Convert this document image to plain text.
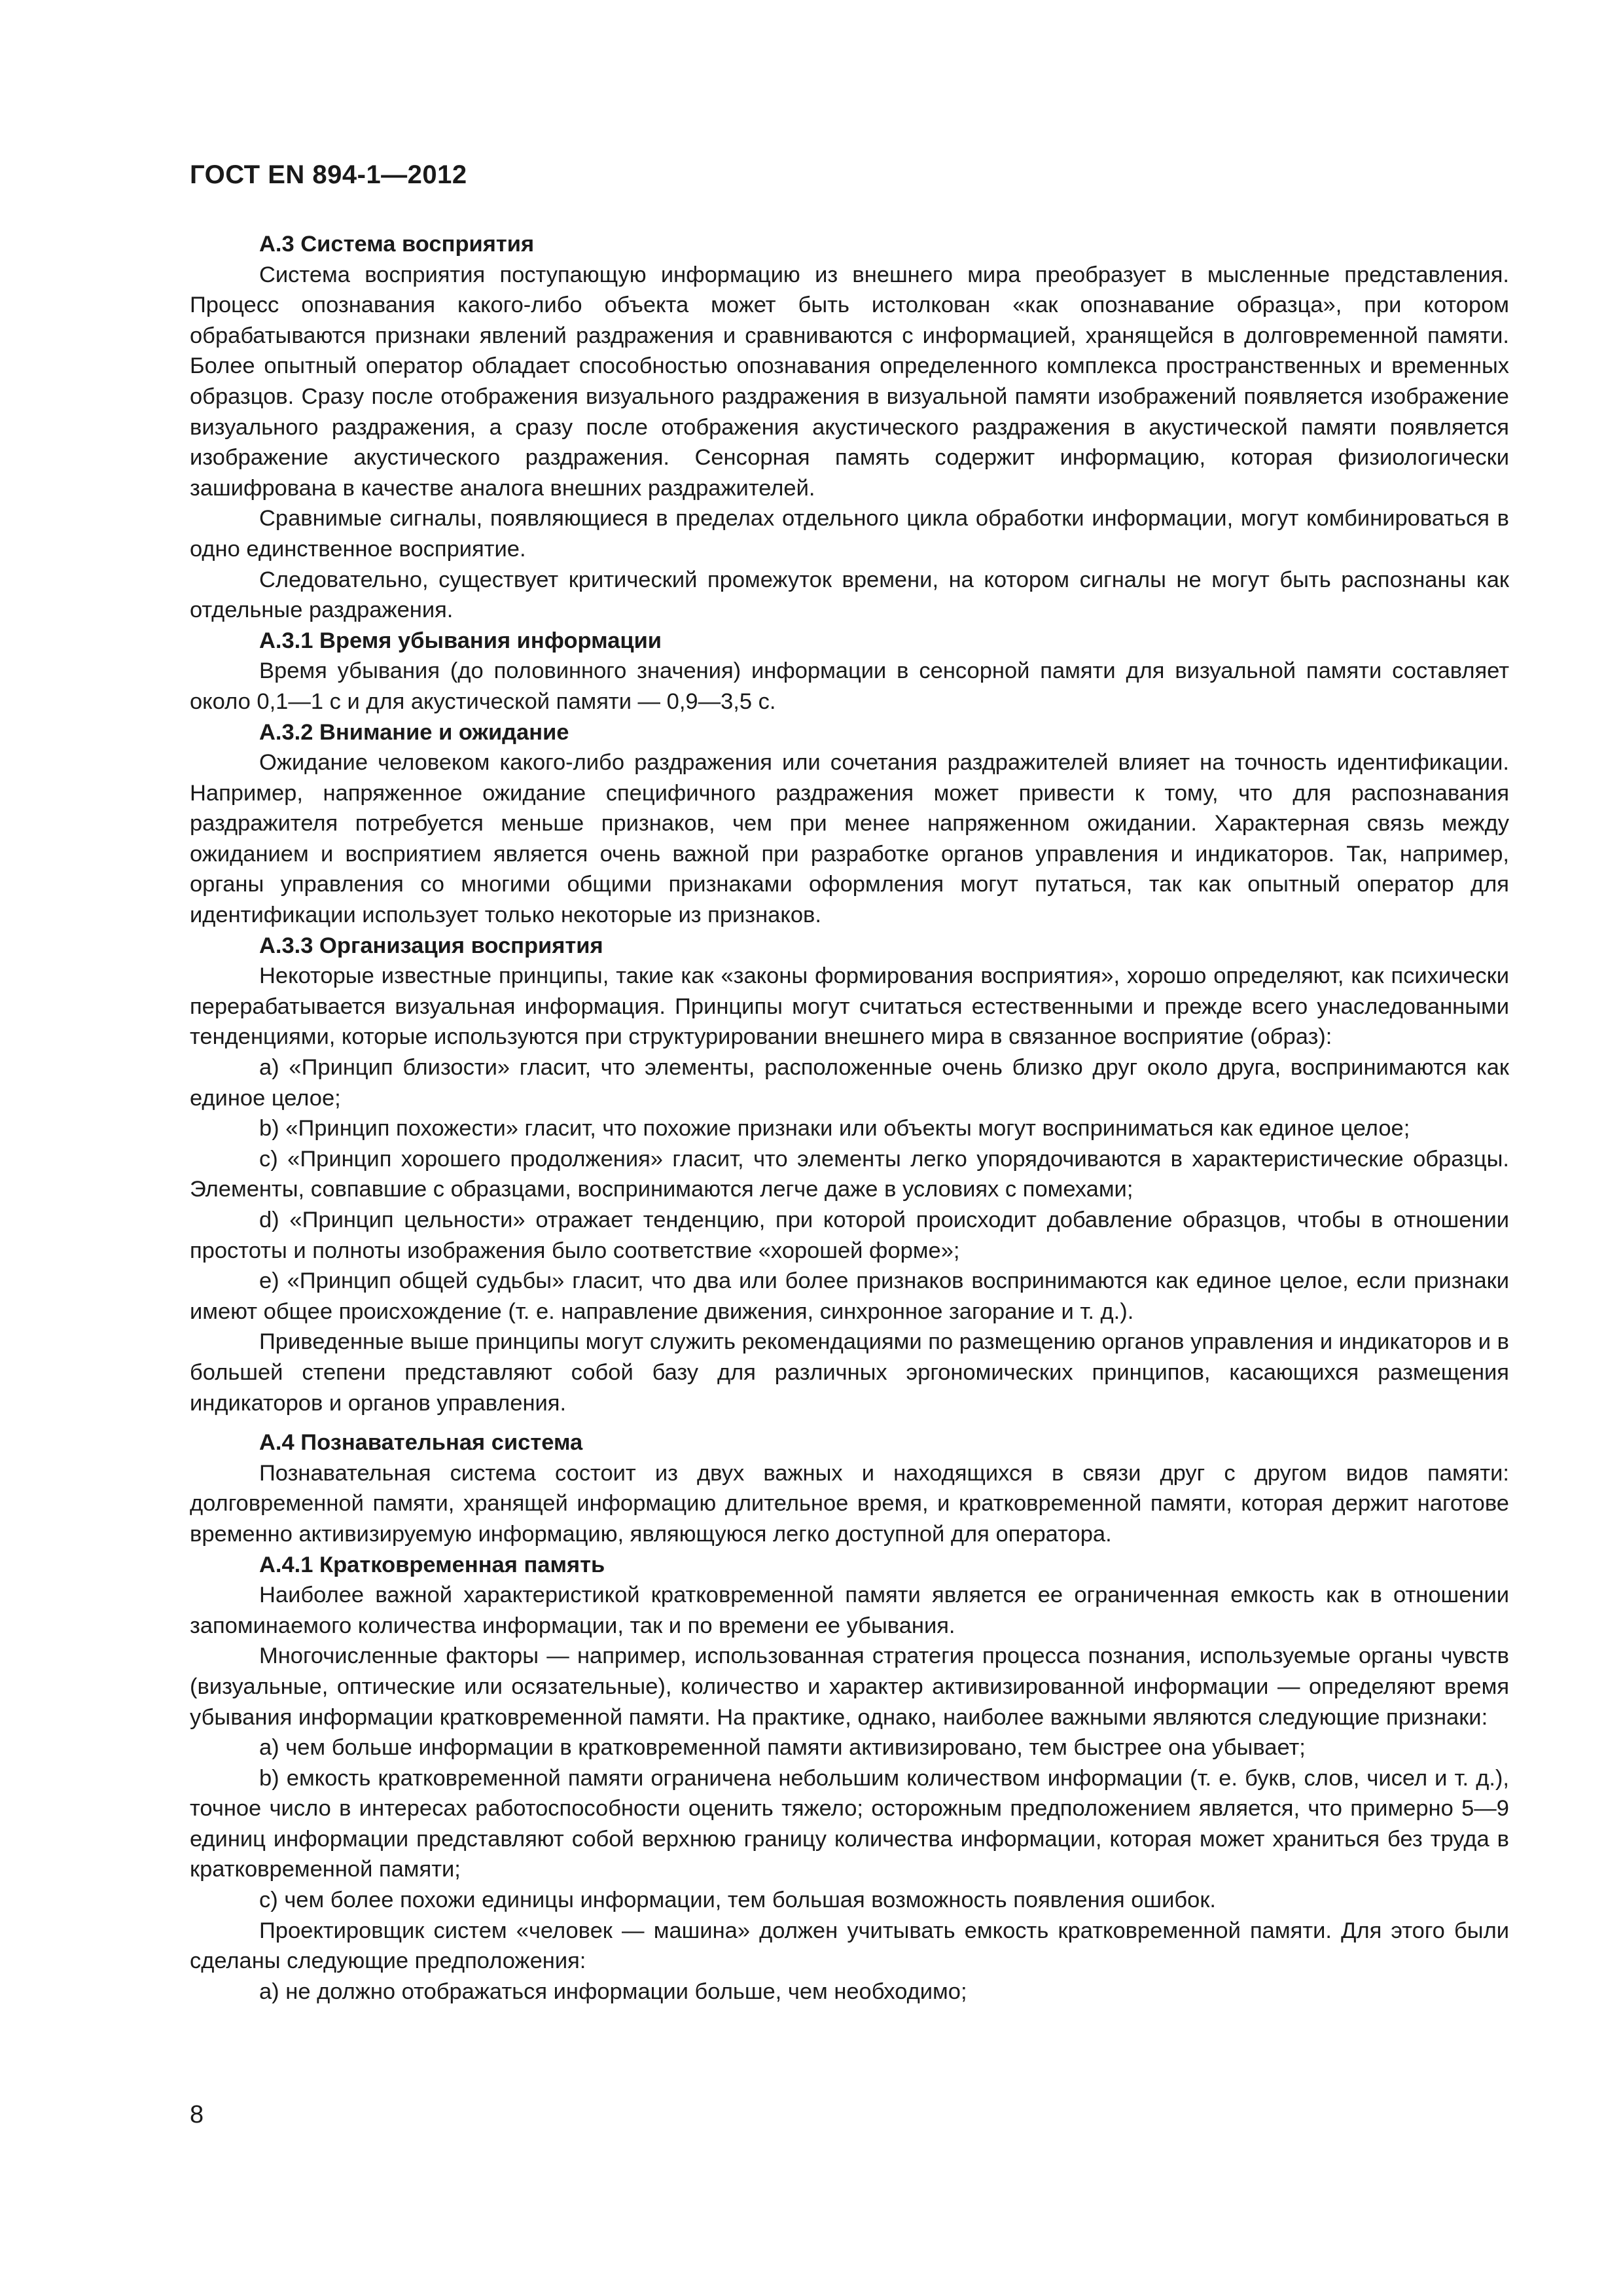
ГОСТ EN 894-1—2012

А.3 Система восприятия

Система восприятия поступающую информацию из внешнего мира преобразует в мысленные представления. Процесс опознавания какого-либо объекта может быть истолкован «как опознавание образца», при котором обрабатываются признаки явлений раздражения и сравниваются с информацией, хранящейся в долговременной памяти. Более опытный оператор обладает способностью опознавания определенного комплекса пространственных и временных образцов. Сразу после отображения визуального раздражения в визуальной памяти изображений появляется изображение визуального раздражения, а сразу после отображения акустического раздражения в акустической памяти появляется изображение акустического раздражения. Сенсорная память содержит информацию, которая физиологически зашифрована в качестве аналога внешних раздражителей.

Сравнимые сигналы, появляющиеся в пределах отдельного цикла обработки информации, могут комбинироваться в одно единственное восприятие.

Следовательно, существует критический промежуток времени, на котором сигналы не могут быть распознаны как отдельные раздражения.

А.3.1 Время убывания информации

Время убывания (до половинного значения) информации в сенсорной памяти для визуальной памяти составляет около 0,1—1 с и для акустической памяти — 0,9—3,5 с.

А.3.2 Внимание и ожидание

Ожидание человеком какого-либо раздражения или сочетания раздражителей влияет на точность идентификации. Например, напряженное ожидание специфичного раздражения может привести к тому, что для распознавания раздражителя потребуется меньше признаков, чем при менее напряженном ожидании. Характерная связь между ожиданием и восприятием является очень важной при разработке органов управления и индикаторов. Так, например, органы управления со многими общими признаками оформления могут путаться, так как опытный оператор для идентификации использует только некоторые из признаков.

А.3.3 Организация восприятия

Некоторые известные принципы, такие как «законы формирования восприятия», хорошо определяют, как психически перерабатывается визуальная информация. Принципы могут считаться естественными и прежде всего унаследованными тенденциями, которые используются при структурировании внешнего мира в связанное восприятие (образ):

a) «Принцип близости» гласит, что элементы, расположенные очень близко друг около друга, воспринимаются как единое целое;

b) «Принцип похожести» гласит, что похожие признаки или объекты могут восприниматься как единое целое;

c) «Принцип хорошего продолжения» гласит, что элементы легко упорядочиваются в характеристические образцы. Элементы, совпавшие с образцами, воспринимаются легче даже в условиях с помехами;

d) «Принцип цельности» отражает тенденцию, при которой происходит добавление образцов, чтобы в отношении простоты и полноты изображения было соответствие «хорошей форме»;

e) «Принцип общей судьбы» гласит, что два или более признаков воспринимаются как единое целое, если признаки имеют общее происхождение (т. е. направление движения, синхронное загорание и т. д.).

Приведенные выше принципы могут служить рекомендациями по размещению органов управления и индикаторов и в большей степени представляют собой базу для различных эргономических принципов, касающихся размещения индикаторов и органов управления.

А.4 Познавательная система

Познавательная система состоит из двух важных и находящихся в связи друг с другом видов памяти: долговременной памяти, хранящей информацию длительное время, и кратковременной памяти, которая держит наготове временно активизируемую информацию, являющуюся легко доступной для оператора.

А.4.1 Кратковременная память

Наиболее важной характеристикой кратковременной памяти является ее ограниченная емкость как в отношении запоминаемого количества информации, так и по времени ее убывания.

Многочисленные факторы — например, использованная стратегия процесса познания, используемые органы чувств (визуальные, оптические или осязательные), количество и характер активизированной информации — определяют время убывания информации кратковременной памяти. На практике, однако, наиболее важными являются следующие признаки:

a) чем больше информации в кратковременной памяти активизировано, тем быстрее она убывает;

b) емкость кратковременной памяти ограничена небольшим количеством информации (т. е. букв, слов, чисел и т. д.), точное число в интересах работоспособности оценить тяжело; осторожным предположением является, что примерно 5—9 единиц информации представляют собой верхнюю границу количества информации, которая может храниться без труда в кратковременной памяти;

c) чем более похожи единицы информации, тем большая возможность появления ошибок.

Проектировщик систем «человек — машина» должен учитывать емкость кратковременной памяти. Для этого были сделаны следующие предположения:

a) не должно отображаться информации больше, чем необходимо;

8
